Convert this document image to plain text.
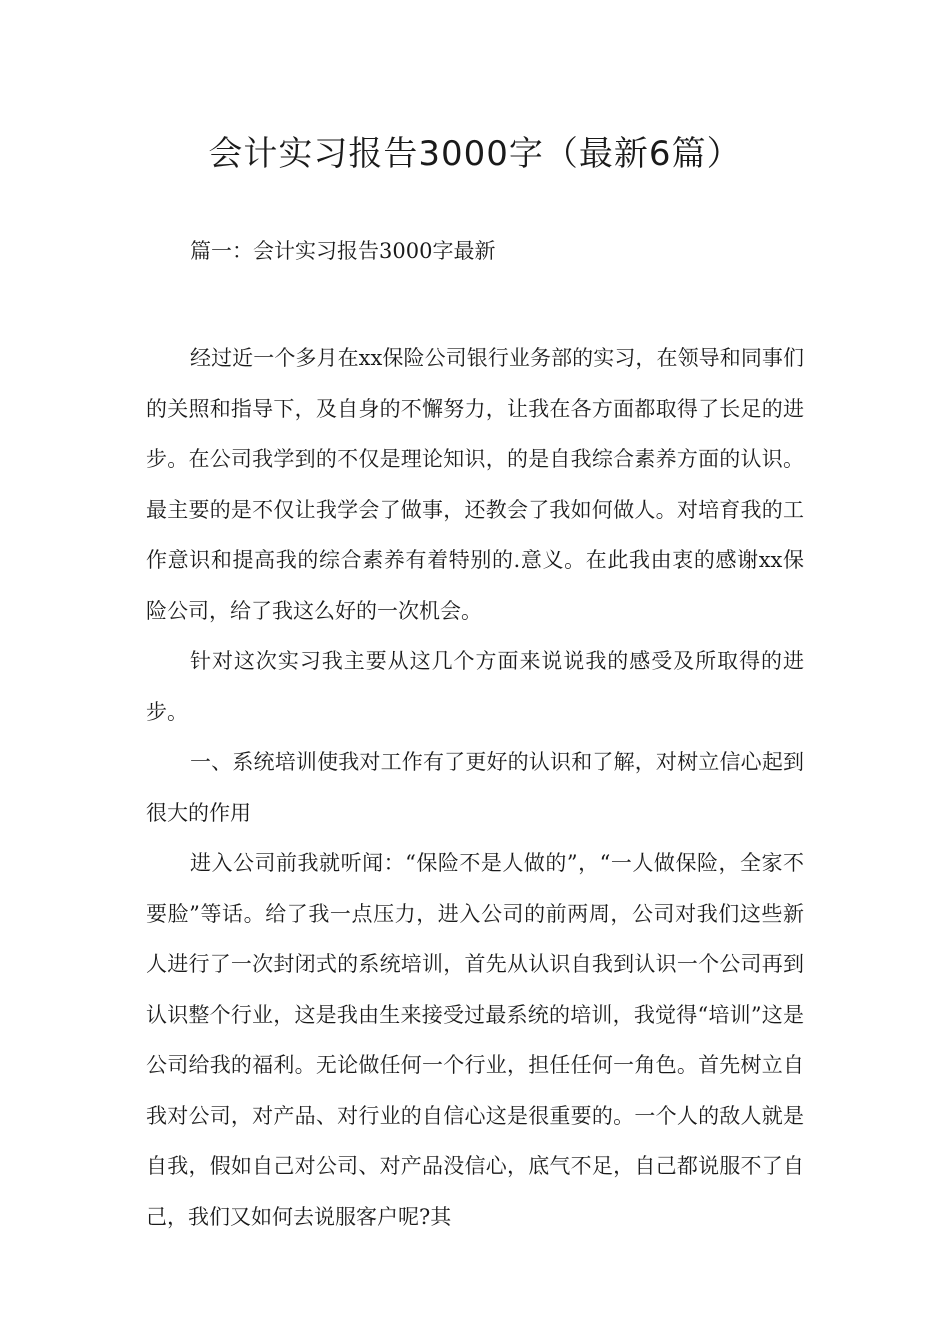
会计实习报告3000字（最新6篇）

篇一：会计实习报告3000字最新

经过近一个多月在xx保险公司银行业务部的实习，在领导和同事们的关照和指导下，及自身的不懈努力，让我在各方面都取得了长足的进步。在公司我学到的不仅是理论知识，的是自我综合素养方面的认识。最主要的是不仅让我学会了做事，还教会了我如何做人。对培育我的工作意识和提高我的综合素养有着特别的.意义。在此我由衷的感谢xx保险公司，给了我这么好的一次机会。

针对这次实习我主要从这几个方面来说说我的感受及所取得的进步。

一、系统培训使我对工作有了更好的认识和了解，对树立信心起到很大的作用

进入公司前我就听闻：“保险不是人做的”，“一人做保险，全家不要脸”等话。给了我一点压力，进入公司的前两周，公司对我们这些新人进行了一次封闭式的系统培训，首先从认识自我到认识一个公司再到认识整个行业，这是我由生来接受过最系统的培训，我觉得“培训”这是公司给我的福利。无论做任何一个行业，担任任何一角色。首先树立自我对公司，对产品、对行业的自信心这是很重要的。一个人的敌人就是自我，假如自己对公司、对产品没信心，底气不足，自己都说服不了自己，我们又如何去说服客户呢?其
